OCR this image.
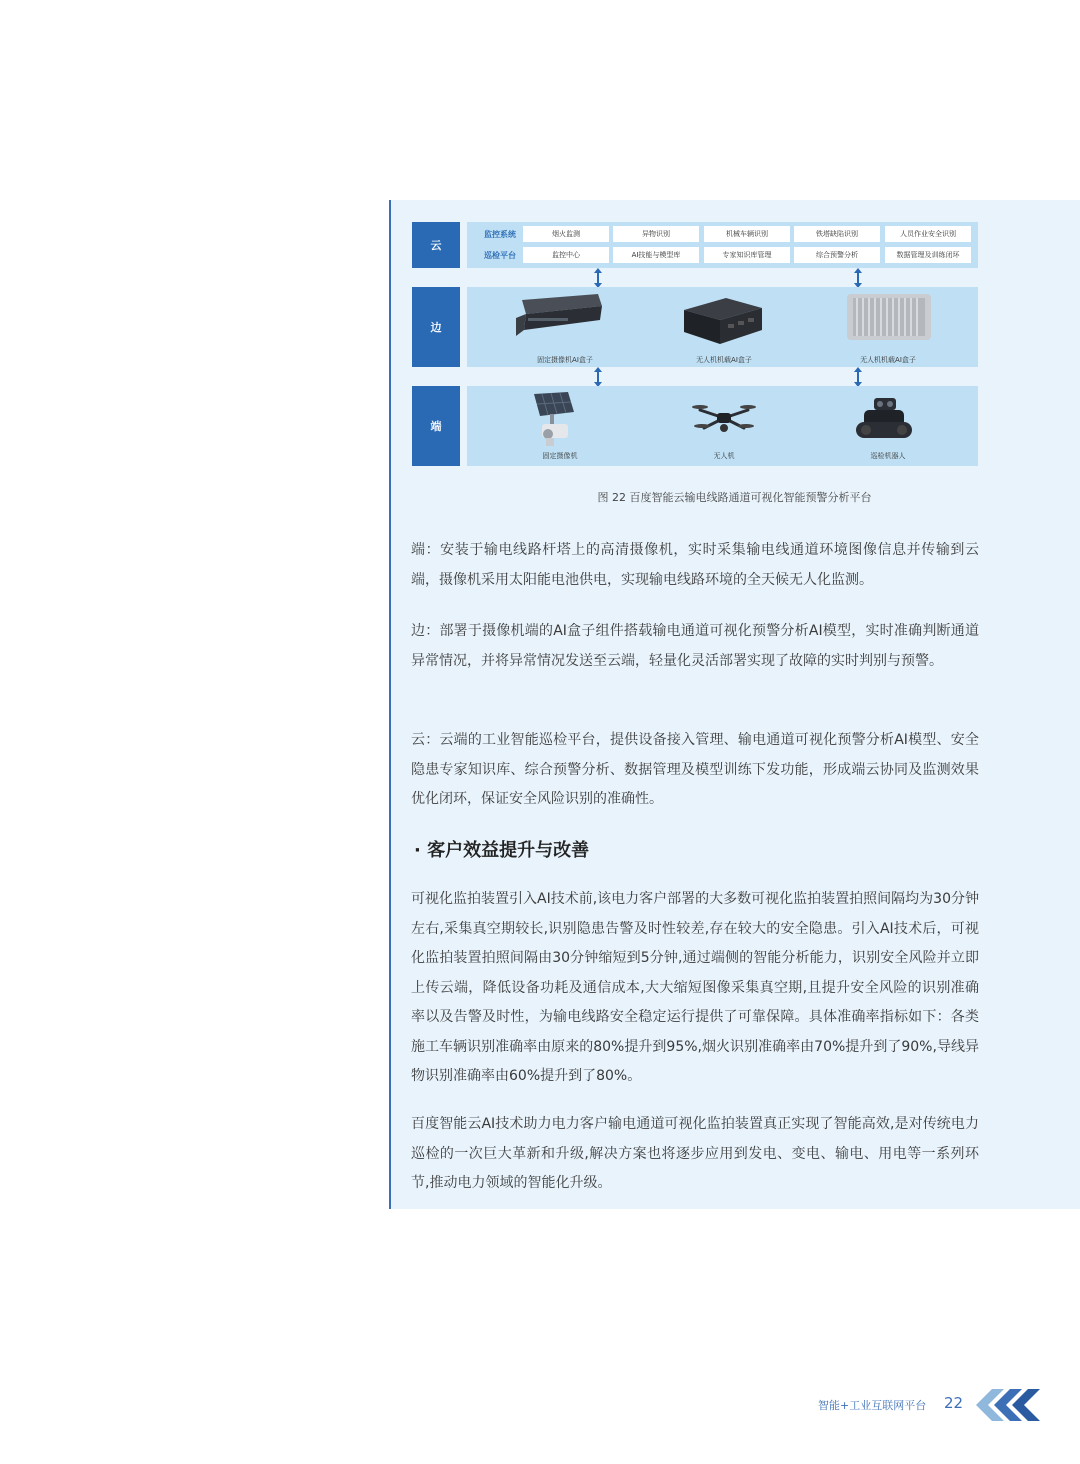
云
监控系统	烟火监测	异物识别	机械车辆识别	铁塔缺陷识别	人员作业安全识别
巡检平台	监控中心	AI技能与模型库	专家知识库管理	综合预警分析	数据管理及训练闭环
边
固定摄像机AI盒子	无人机机载AI盒子	无人机机载AI盒子
端
固定摄像机	无人机	巡检机器人
图 22 百度智能云输电线路通道可视化智能预警分析平台

端：安装于输电线路杆塔上的高清摄像机，实时采集输电线通道环境图像信息并传输到云端，摄像机采用太阳能电池供电，实现输电线路环境的全天候无人化监测。

边：部署于摄像机端的AI盒子组件搭载输电通道可视化预警分析AI模型，实时准确判断通道异常情况，并将异常情况发送至云端，轻量化灵活部署实现了故障的实时判别与预警。

云：云端的工业智能巡检平台，提供设备接入管理、输电通道可视化预警分析AI模型、安全隐患专家知识库、综合预警分析、数据管理及模型训练下发功能，形成端云协同及监测效果优化闭环，保证安全风险识别的准确性。

· 客户效益提升与改善

可视化监拍装置引入AI技术前,该电力客户部署的大多数可视化监拍装置拍照间隔均为30分钟左右,采集真空期较长,识别隐患告警及时性较差,存在较大的安全隐患。引入AI技术后，可视化监拍装置拍照间隔由30分钟缩短到5分钟,通过端侧的智能分析能力，识别安全风险并立即上传云端，降低设备功耗及通信成本,大大缩短图像采集真空期,且提升安全风险的识别准确率以及告警及时性，为输电线路安全稳定运行提供了可靠保障。具体准确率指标如下：各类施工车辆识别准确率由原来的80%提升到95%,烟火识别准确率由70%提升到了90%,导线异物识别准确率由60%提升到了80%。

百度智能云AI技术助力电力客户输电通道可视化监拍装置真正实现了智能高效,是对传统电力巡检的一次巨大革新和升级,解决方案也将逐步应用到发电、变电、输电、用电等一系列环节,推动电力领域的智能化升级。

智能+工业互联网平台 22
